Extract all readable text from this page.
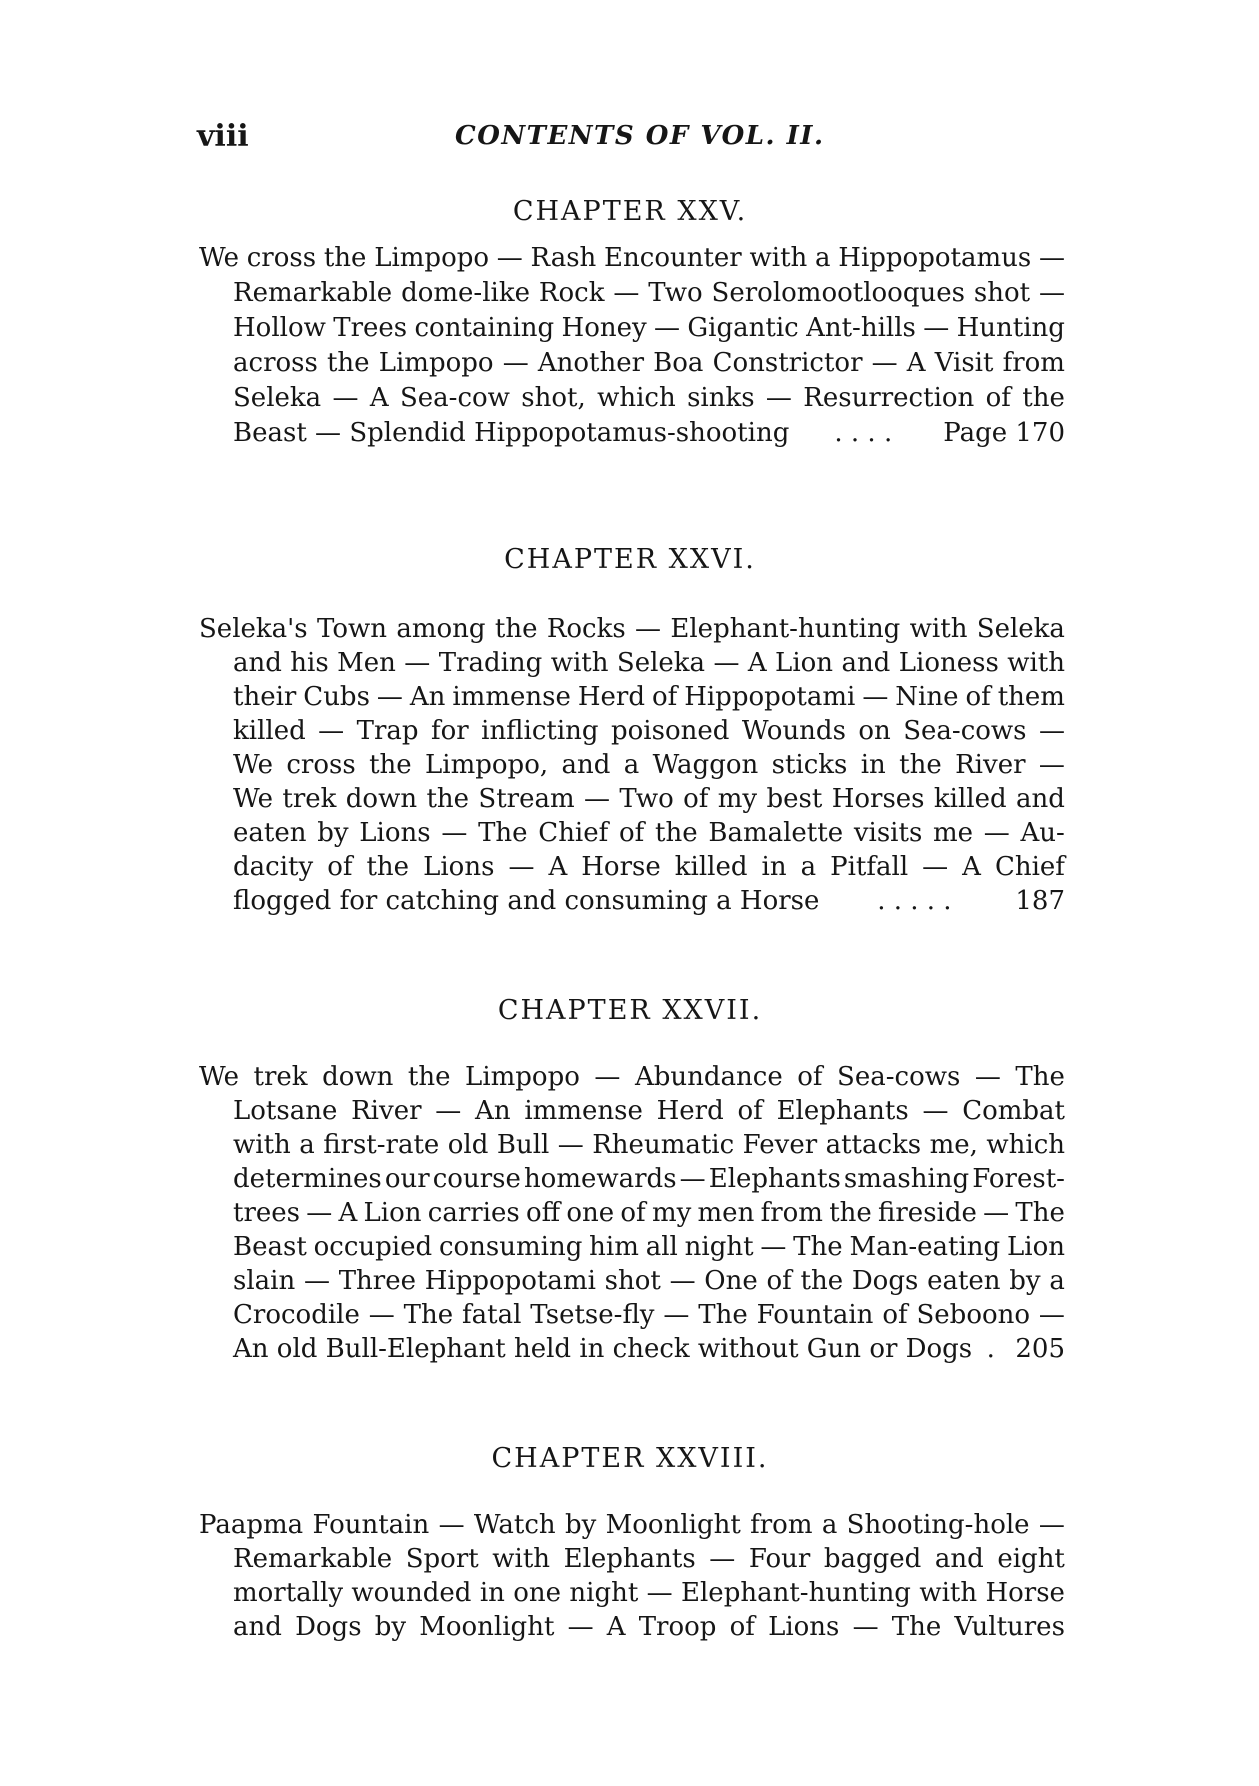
viii	CONTENTS OF VOL. II.
CHAPTER XXV.
We cross the Limpopo — Rash Encounter with a Hippopotamus —
Remarkable dome-like Rock — Two Serolomootlooques shot —
Hollow Trees containing Honey — Gigantic Ant-hills — Hunting
across the Limpopo — Another Boa Constrictor — A Visit from
Seleka — A Sea-cow shot, which sinks — Resurrection of the
Beast — Splendid Hippopotamus-shooting	. . . .	Page 170
CHAPTER XXVI.
Seleka's Town among the Rocks — Elephant-hunting with Seleka
and his Men — Trading with Seleka — A Lion and Lioness with
their Cubs — An immense Herd of Hippopotami — Nine of them
killed — Trap for inflicting poisoned Wounds on Sea-cows —
We cross the Limpopo, and a Waggon sticks in the River —
We trek down the Stream — Two of my best Horses killed and
eaten by Lions — The Chief of the Bamalette visits me — Au-
dacity of the Lions — A Horse killed in a Pitfall — A Chief
flogged for catching and consuming a Horse	. . . . .	187
CHAPTER XXVII.
We trek down the Limpopo — Abundance of Sea-cows — The
Lotsane River — An immense Herd of Elephants — Combat
with a first-rate old Bull — Rheumatic Fever attacks me, which
determines our course homewards — Elephants smashing Forest-
trees — A Lion carries off one of my men from the fireside — The
Beast occupied consuming him all night — The Man-eating Lion
slain — Three Hippopotami shot — One of the Dogs eaten by a
Crocodile — The fatal Tsetse-fly — The Fountain of Seboono —
An old Bull-Elephant held in check without Gun or Dogs . 205
CHAPTER XXVIII.
Paapma Fountain — Watch by Moonlight from a Shooting-hole —
Remarkable Sport with Elephants — Four bagged and eight
mortally wounded in one night — Elephant-hunting with Horse
and Dogs by Moonlight — A Troop of Lions — The Vultures
